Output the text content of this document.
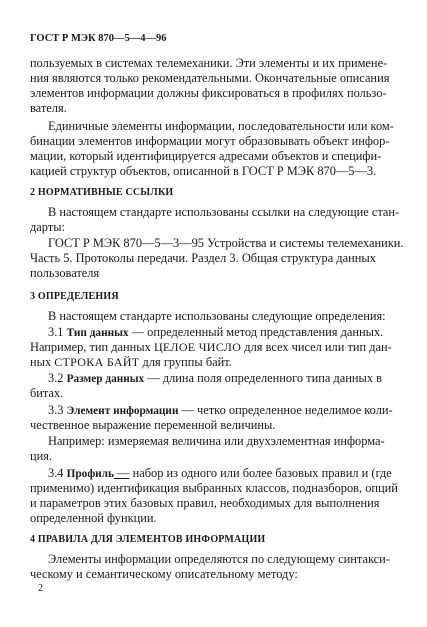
ГОСТ Р МЭК 870—5—4—96
пользуемых в системах телемеханики. Эти элементы и их примене-
ния являются только рекомендательными. Окончательные описания
элементов информации должны фиксироваться в профилях пользо-
вателя.
Единичные элементы информации, последовательности или ком-
бинации элементов информации могут образовывать объект инфор-
мации, который идентифицируется адресами объектов и специфи-
кацией структур объектов, описанной в ГОСТ Р МЭК 870—5—3.
2 НОРМАТИВНЫЕ ССЫЛКИ
В настоящем стандарте использованы ссылки на следующие стан-
дарты:
ГОСТ Р МЭК 870—5—3—95 Устройства и системы телемеханики.
Часть 5. Протоколы передачи. Раздел 3. Общая структура данных
пользователя
3 ОПРЕДЕЛЕНИЯ
В настоящем стандарте использованы следующие определения:
3.1 Тип данных — определенный метод представления данных.
Например, тип данных ЦЕЛОЕ ЧИСЛО для всех чисел или тип дан-
ных СТРОКА БАЙТ для группы байт.
3.2 Размер данных — длина поля определенного типа данных в
битах.
3.3 Элемент информации — четко определенное неделимое коли-
чественное выражение переменной величины.
Например: измеряемая величина или двухэлементная информа-
ция.
3.4 Профиль — набор из одного или более базовых правил и (где
применимо) идентификация выбранных классов, подназборов, опций
и параметров этих базовых правил, необходимых для выполнения
определенной функции.
4 ПРАВИЛА ДЛЯ ЭЛЕМЕНТОВ ИНФОРМАЦИИ
Элементы информации определяются по следующему синтакси-
ческому и семантическому описательному методу:
2
